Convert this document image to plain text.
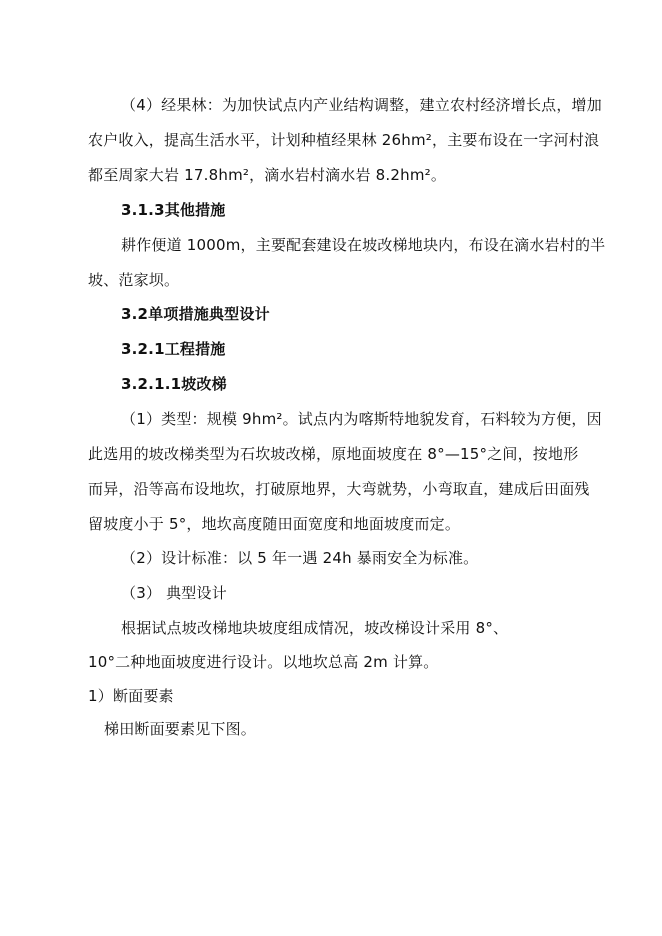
（4）经果林：为加快试点内产业结构调整，建立农村经济增长点，增加
农户收入，提高生活水平，计划种植经果林 26hm²，主要布设在一字河村浪
都至周家大岩 17.8hm²，滴水岩村滴水岩 8.2hm²。
3.1.3其他措施
耕作便道 1000m，主要配套建设在坡改梯地块内，布设在滴水岩村的半
坡、范家坝。
3.2单项措施典型设计
3.2.1工程措施
3.2.1.1坡改梯
（1）类型：规模 9hm²。试点内为喀斯特地貌发育，石料较为方便，因
此选用的坡改梯类型为石坎坡改梯，原地面坡度在 8°—15°之间，按地形
而异，沿等高布设地坎，打破原地界，大弯就势，小弯取直，建成后田面残
留坡度小于 5°，地坎高度随田面宽度和地面坡度而定。
（2）设计标准：以 5 年一遇 24h 暴雨安全为标准。
（3） 典型设计
根据试点坡改梯地块坡度组成情况，坡改梯设计采用 8°、
10°二种地面坡度进行设计。以地坎总高 2m 计算。
1）断面要素
梯田断面要素见下图。
